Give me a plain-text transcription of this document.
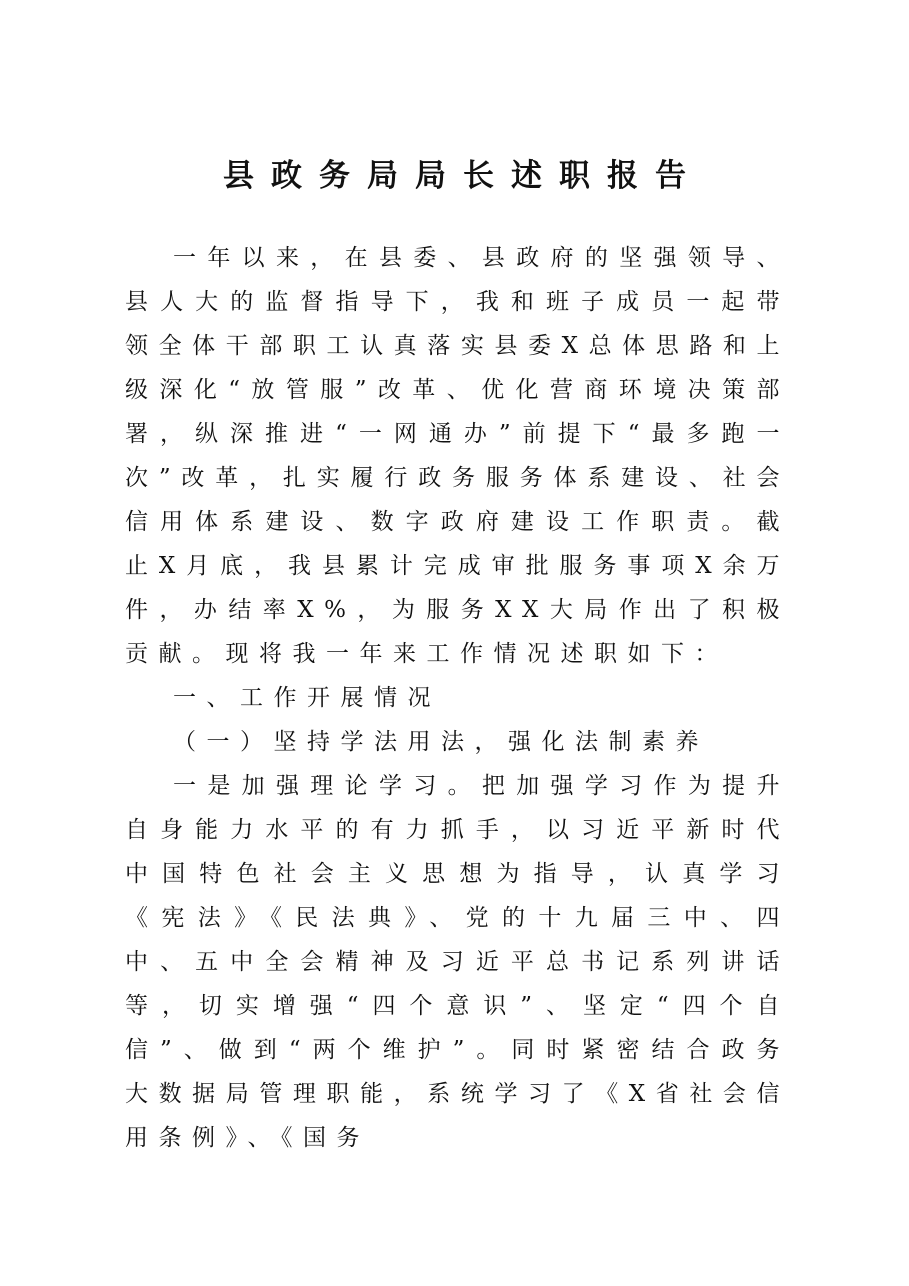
县政务局局长述职报告

一年以来，在县委、县政府的坚强领导、县人大的监督指导下，我和班子成员一起带领全体干部职工认真落实县委X总体思路和上级深化“放管服”改革、优化营商环境决策部署，纵深推进“一网通办”前提下“最多跑一次”改革，扎实履行政务服务体系建设、社会信用体系建设、数字政府建设工作职责。截止X月底，我县累计完成审批服务事项X余万件，办结率X%，为服务XX大局作出了积极贡献。现将我一年来工作情况述职如下：

一、工作开展情况

（一）坚持学法用法，强化法制素养

一是加强理论学习。把加强学习作为提升自身能力水平的有力抓手，以习近平新时代中国特色社会主义思想为指导，认真学习《宪法》《民法典》、党的十九届三中、四中、五中全会精神及习近平总书记系列讲话等，切实增强“四个意识”、坚定“四个自信”、做到“两个维护”。同时紧密结合政务大数据局管理职能，系统学习了《X省社会信用条例》、《国务
